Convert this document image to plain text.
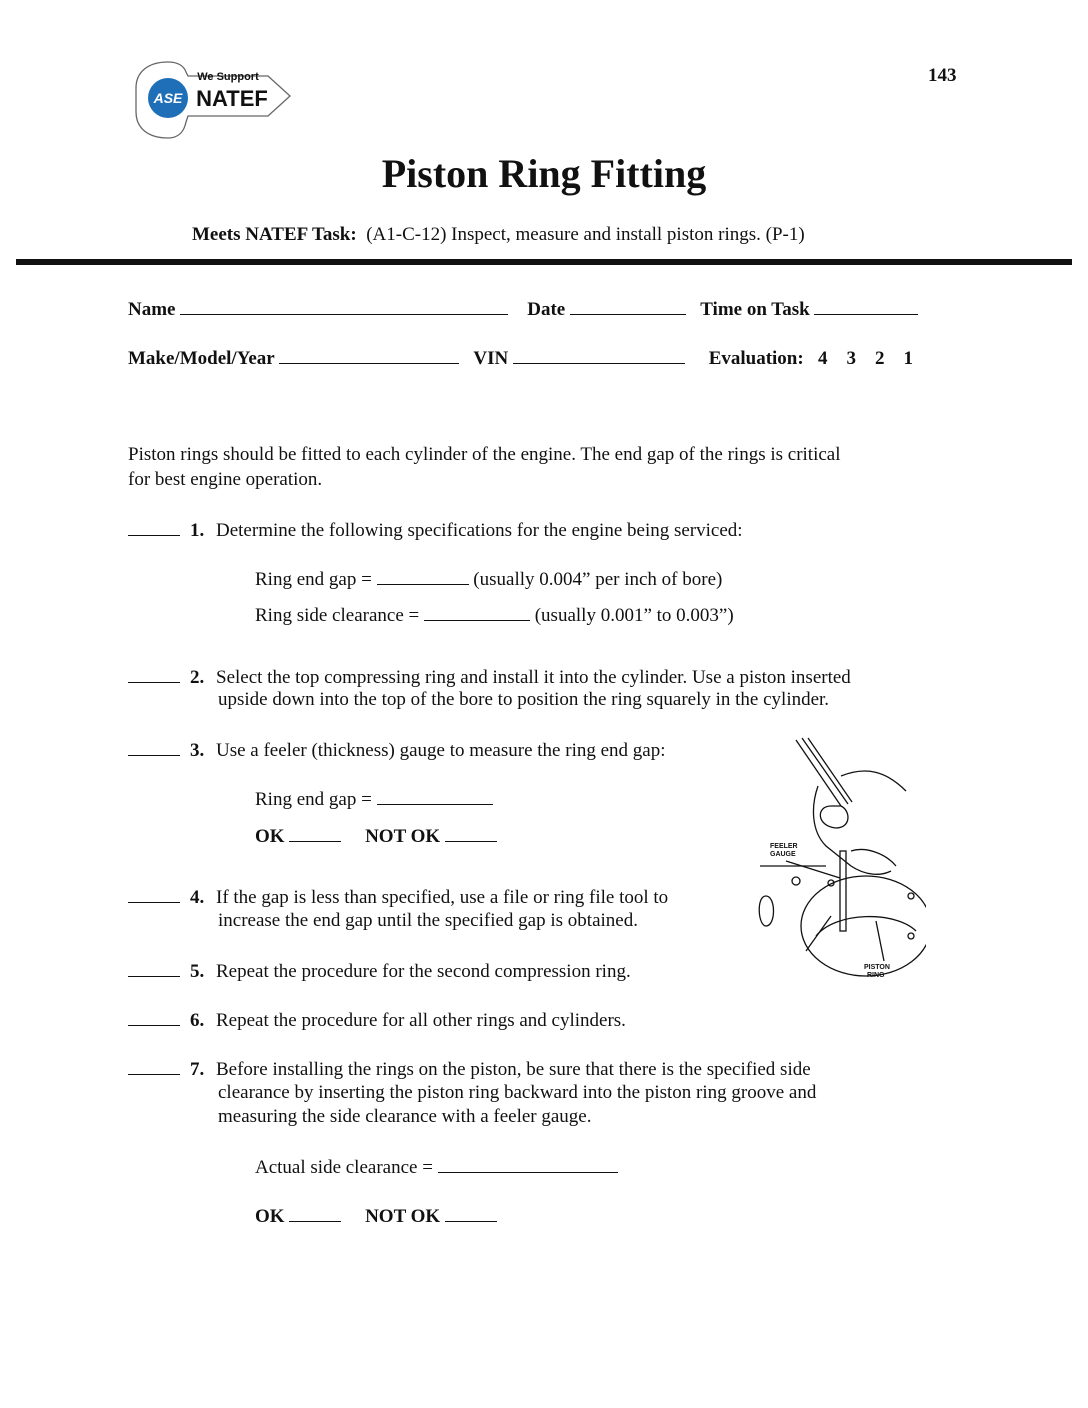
143
ASE
We Support
NATEF
Piston Ring Fitting
Meets NATEF Task: (A1-C-12) Inspect, measure and install piston rings. (P-1)
Name	Date	Time on Task
Make/Model/Year	VIN	Evaluation: 4 3 2 1
Piston rings should be fitted to each cylinder of the engine. The end gap of the rings is critical
for best engine operation.
1. Determine the following specifications for the engine being serviced:
Ring end gap =	(usually 0.004” per inch of bore)
Ring side clearance =	(usually 0.001” to 0.003”)
2. Select the top compressing ring and install it into the cylinder. Use a piston inserted
upside down into the top of the bore to position the ring squarely in the cylinder.
3. Use a feeler (thickness) gauge to measure the ring end gap:
Ring end gap =
OK	NOT OK
4. If the gap is less than specified, use a file or ring file tool to
increase the end gap until the specified gap is obtained.
5. Repeat the procedure for the second compression ring.
6. Repeat the procedure for all other rings and cylinders.
7. Before installing the rings on the piston, be sure that there is the specified side
clearance by inserting the piston ring backward into the piston ring groove and
measuring the side clearance with a feeler gauge.
Actual side clearance =
OK	NOT OK
FEELER
GAUGE
PISTON
RING
